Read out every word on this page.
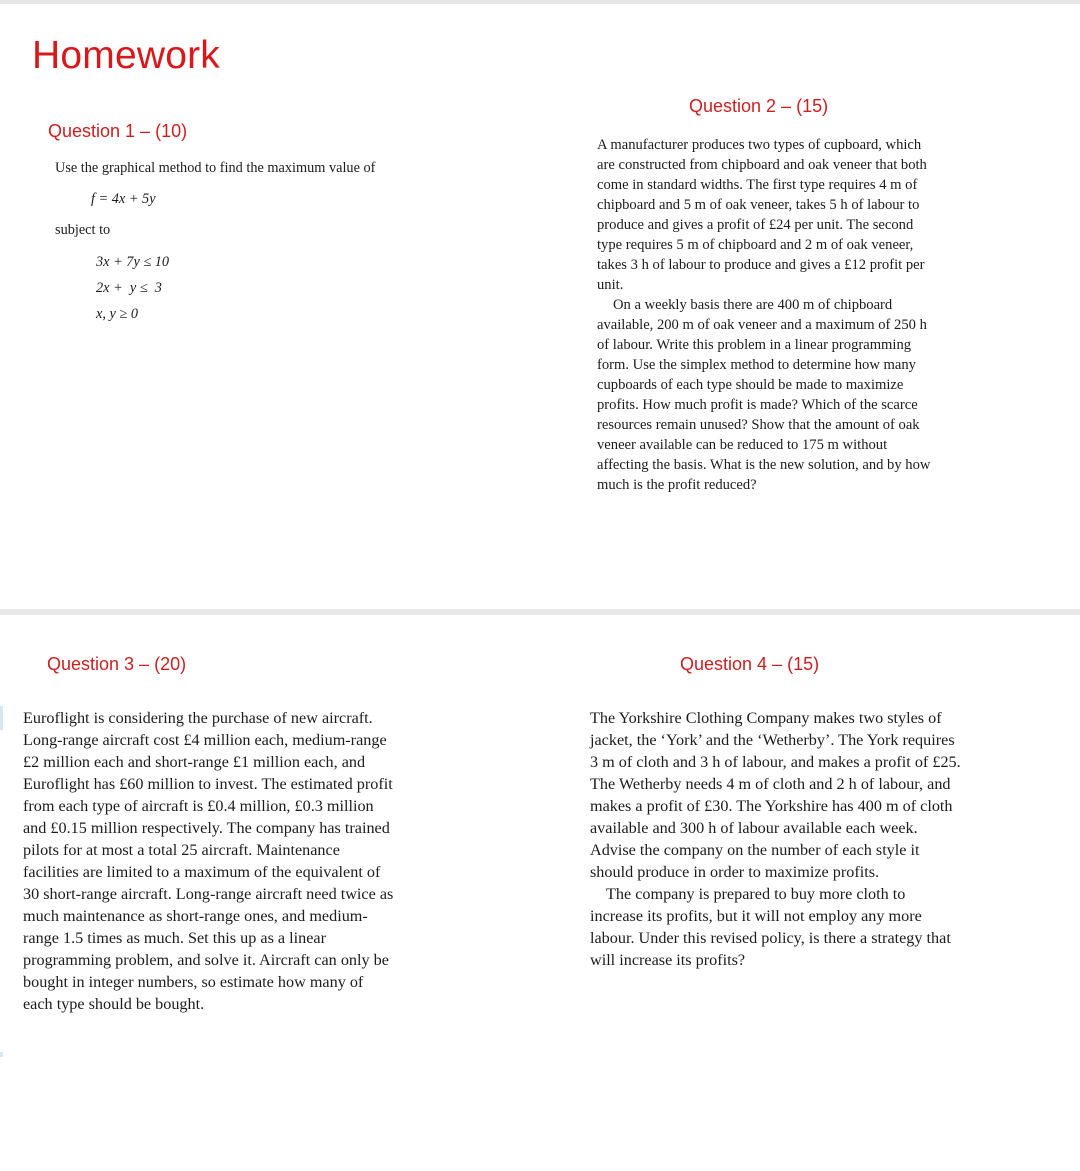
Homework
Question 1 – (10)

Use the graphical method to find the maximum value of

f = 4x + 5y

subject to

3x + 7y ≤ 10
2x +  y ≤  3
x, y ≥ 0
Question 2 – (15)

A manufacturer produces two types of cupboard, which are constructed from chipboard and oak veneer that both come in standard widths. The first type requires 4 m of chipboard and 5 m of oak veneer, takes 5 h of labour to produce and gives a profit of £24 per unit. The second type requires 5 m of chipboard and 2 m of oak veneer, takes 3 h of labour to produce and gives a £12 profit per unit.

On a weekly basis there are 400 m of chipboard available, 200 m of oak veneer and a maximum of 250 h of labour. Write this problem in a linear programming form. Use the simplex method to determine how many cupboards of each type should be made to maximize profits. How much profit is made? Which of the scarce resources remain unused? Show that the amount of oak veneer available can be reduced to 175 m without affecting the basis. What is the new solution, and by how much is the profit reduced?

Question 3 – (20)

Euroflight is considering the purchase of new aircraft. Long-range aircraft cost £4 million each, medium-range £2 million each and short-range £1 million each, and Euroflight has £60 million to invest. The estimated profit from each type of aircraft is £0.4 million, £0.3 million and £0.15 million respectively. The company has trained pilots for at most a total 25 aircraft. Maintenance facilities are limited to a maximum of the equivalent of 30 short-range aircraft. Long-range aircraft need twice as much maintenance as short-range ones, and medium-range 1.5 times as much. Set this up as a linear programming problem, and solve it. Aircraft can only be bought in integer numbers, so estimate how many of each type should be bought.

Question 4 – (15)

The Yorkshire Clothing Company makes two styles of jacket, the ‘York’ and the ‘Wetherby’. The York requires 3 m of cloth and 3 h of labour, and makes a profit of £25. The Wetherby needs 4 m of cloth and 2 h of labour, and makes a profit of £30. The Yorkshire has 400 m of cloth available and 300 h of labour available each week. Advise the company on the number of each style it should produce in order to maximize profits.

The company is prepared to buy more cloth to increase its profits, but it will not employ any more labour. Under this revised policy, is there a strategy that will increase its profits?
